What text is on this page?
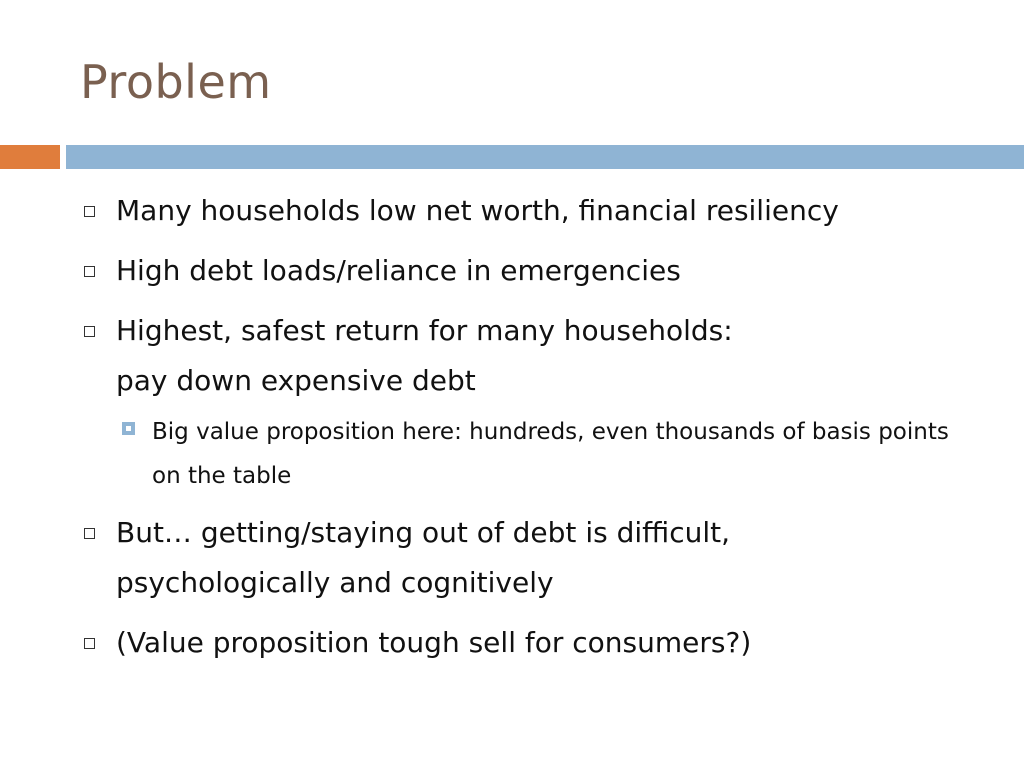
Problem
Many households low net worth, financial resiliency
High debt loads/reliance in emergencies
Highest, safest return for many households:
pay down expensive debt
Big value proposition here: hundreds, even thousands of basis points on the table
But… getting/staying out of debt is difficult,
psychologically and cognitively
(Value proposition tough sell for consumers?)
